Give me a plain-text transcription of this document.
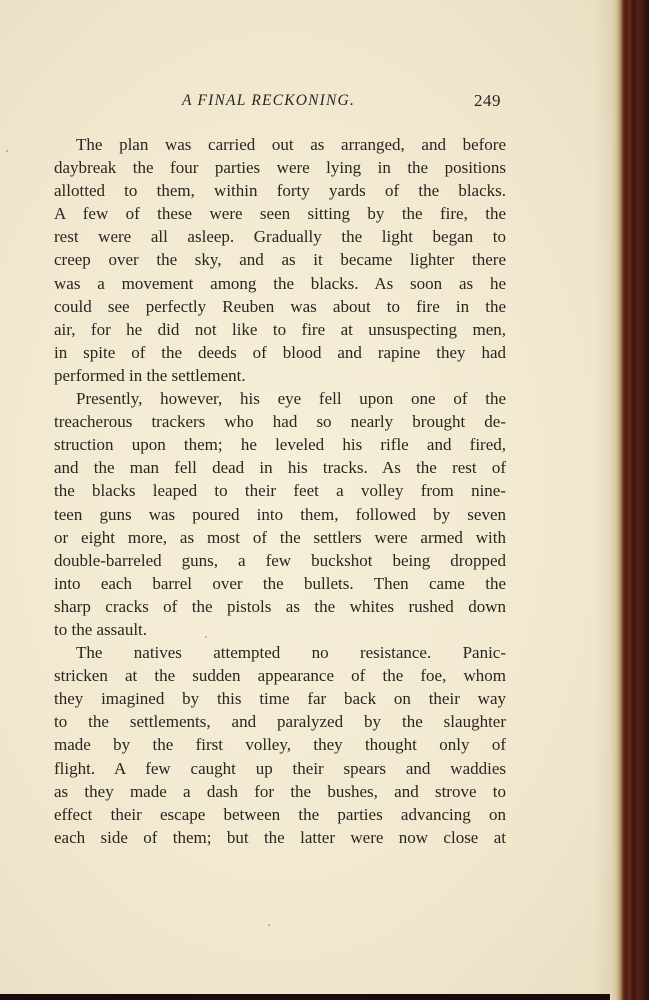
A FINAL RECKONING.	249
The plan was carried out as arranged, and before
daybreak the four parties were lying in the positions
allotted to them, within forty yards of the blacks.
A few of these were seen sitting by the fire, the
rest were all asleep. Gradually the light began to
creep over the sky, and as it became lighter there
was a movement among the blacks. As soon as he
could see perfectly Reuben was about to fire in the
air, for he did not like to fire at unsuspecting men,
in spite of the deeds of blood and rapine they had
performed in the settlement.
Presently, however, his eye fell upon one of the
treacherous trackers who had so nearly brought de-
struction upon them; he leveled his rifle and fired,
and the man fell dead in his tracks. As the rest of
the blacks leaped to their feet a volley from nine-
teen guns was poured into them, followed by seven
or eight more, as most of the settlers were armed with
double-barreled guns, a few buckshot being dropped
into each barrel over the bullets. Then came the
sharp cracks of the pistols as the whites rushed down
to the assault.
The natives attempted no resistance. Panic-
stricken at the sudden appearance of the foe, whom
they imagined by this time far back on their way
to the settlements, and paralyzed by the slaughter
made by the first volley, they thought only of
flight. A few caught up their spears and waddies
as they made a dash for the bushes, and strove to
effect their escape between the parties advancing on
each side of them; but the latter were now close at
